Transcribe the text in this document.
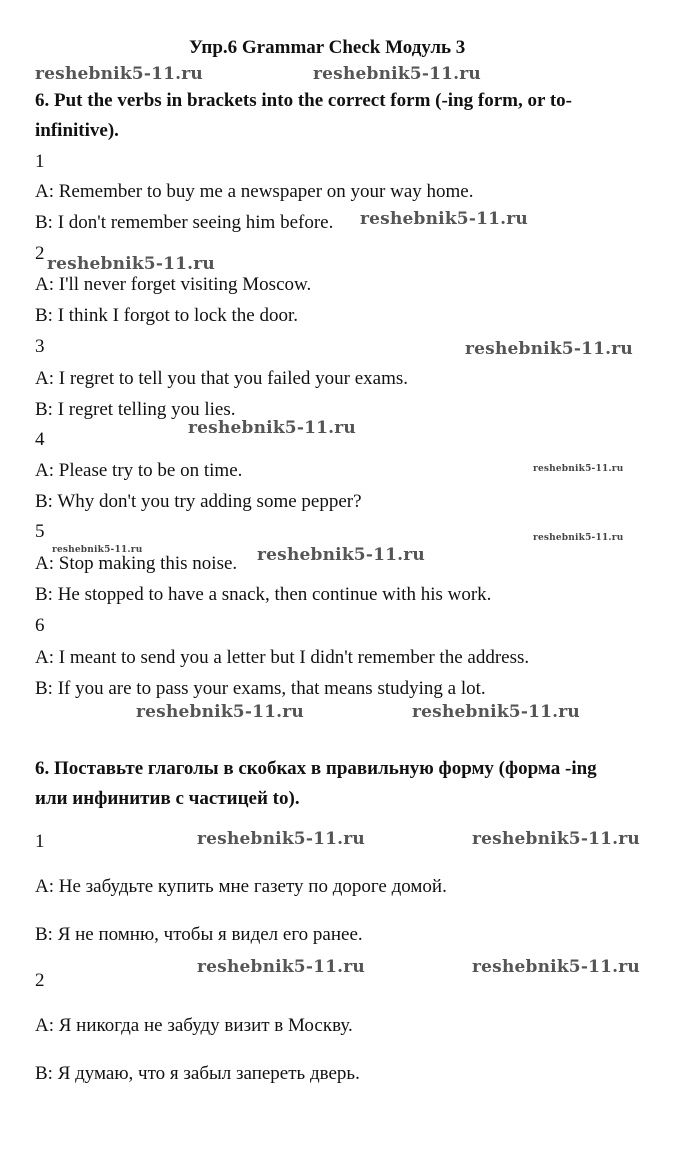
Упр.6 Grammar Check Модуль 3
reshebnik5-11.ru	reshebnik5-11.ru
6. Put the verbs in brackets into the correct form (-ing form, or to-
infinitive).
1
A: Remember to buy me a newspaper on your way home.
B: I don't remember seeing him before. reshebnik5-11.ru
2 reshebnik5-11.ru
A: I'll never forget visiting Moscow.
B: I think I forgot to lock the door.
3	reshebnik5-11.ru
A: I regret to tell you that you failed your exams.
B: I regret telling you lies.
reshebnik5-11.ru
4
A: Please try to be on time.	reshebnik5-11.ru
B: Why don't you try adding some pepper?
5	reshebnik5-11.ru
reshebnik5-11.ru	reshebnik5-11.ru
A: Stop making this noise.
B: He stopped to have a snack, then continue with his work.
6
A: I meant to send you a letter but I didn't remember the address.
B: If you are to pass your exams, that means studying a lot.
reshebnik5-11.ru	reshebnik5-11.ru
6. Поставьте глаголы в скобках в правильную форму (форма -ing
или инфинитив с частицей to).
1	reshebnik5-11.ru	reshebnik5-11.ru
A: Не забудьте купить мне газету по дороге домой.
B: Я не помню, чтобы я видел его ранее.
reshebnik5-11.ru	reshebnik5-11.ru
2
A: Я никогда не забуду визит в Москву.
B: Я думаю, что я забыл запереть дверь.
